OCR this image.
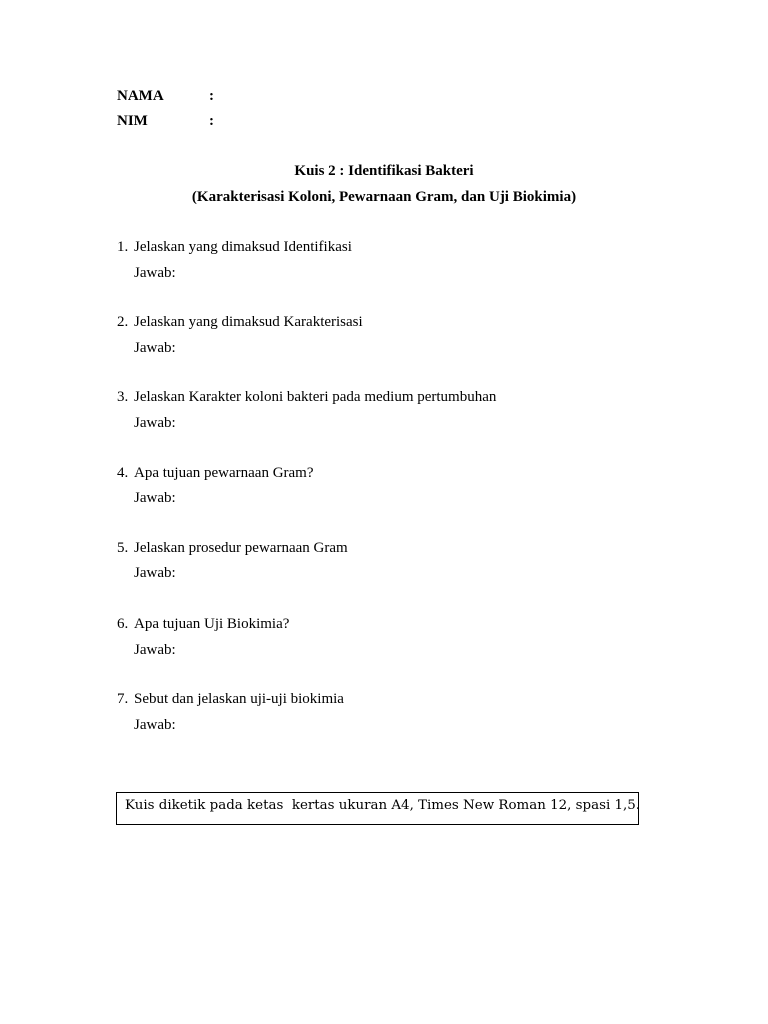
NAMA	:
NIM	:
Kuis 2 : Identifikasi Bakteri
(Karakterisasi Koloni, Pewarnaan Gram, dan Uji Biokimia)
1. Jelaskan yang dimaksud Identifikasi
Jawab:
2. Jelaskan yang dimaksud Karakterisasi
Jawab:
3. Jelaskan Karakter koloni bakteri pada medium pertumbuhan
Jawab:
4. Apa tujuan pewarnaan Gram?
Jawab:
5. Jelaskan prosedur pewarnaan Gram
Jawab:
6. Apa tujuan Uji Biokimia?
Jawab:
7. Sebut dan jelaskan uji-uji biokimia
Jawab:
Kuis diketik pada ketas  kertas ukuran A4, Times New Roman 12, spasi 1,5.
